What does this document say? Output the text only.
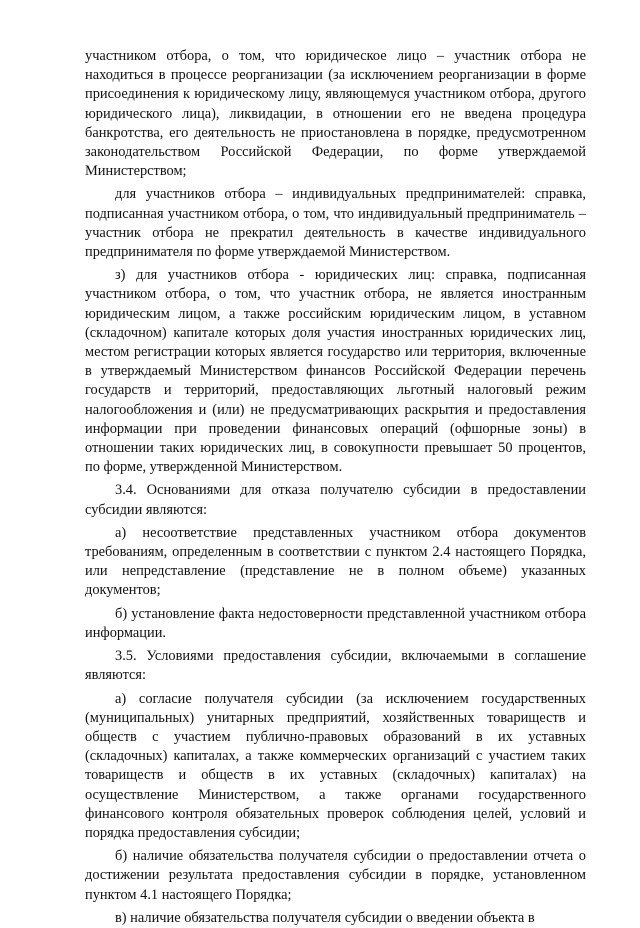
участником отбора, о том, что юридическое лицо – участник отбора не находиться в процессе реорганизации (за исключением реорганизации в форме присоединения к юридическому лицу, являющемуся участником отбора, другого юридического лица), ликвидации, в отношении его не введена процедура банкротства, его деятельность не приостановлена в порядке, предусмотренном законодательством Российской Федерации, по форме утверждаемой Министерством;

для участников отбора – индивидуальных предпринимателей: справка, подписанная участником отбора, о том, что индивидуальный предприниматель – участник отбора не прекратил деятельность в качестве индивидуального предпринимателя по форме утверждаемой Министерством.

з) для участников отбора - юридических лиц: справка, подписанная участником отбора, о том, что участник отбора, не является иностранным юридическим лицом, а также российским юридическим лицом, в уставном (складочном) капитале которых доля участия иностранных юридических лиц, местом регистрации которых является государство или территория, включенные в утверждаемый Министерством финансов Российской Федерации перечень государств и территорий, предоставляющих льготный налоговый режим налогообложения и (или) не предусматривающих раскрытия и предоставления информации при проведении финансовых операций (офшорные зоны) в отношении таких юридических лиц, в совокупности превышает 50 процентов, по форме, утвержденной Министерством.

3.4. Основаниями для отказа получателю субсидии в предоставлении субсидии являются:

а) несоответствие представленных участником отбора документов требованиям, определенным в соответствии с пунктом 2.4 настоящего Порядка, или непредставление (представление не в полном объеме) указанных документов;

б) установление факта недостоверности представленной участником отбора информации.

3.5. Условиями предоставления субсидии, включаемыми в соглашение являются:

а) согласие получателя субсидии (за исключением государственных (муниципальных) унитарных предприятий, хозяйственных товариществ и обществ с участием публично-правовых образований в их уставных (складочных) капиталах, а также коммерческих организаций с участием таких товариществ и обществ в их уставных (складочных) капиталах) на осуществление Министерством, а также органами государственного финансового контроля обязательных проверок соблюдения целей, условий и порядка предоставления субсидии;

б) наличие обязательства получателя субсидии о предоставлении отчета о достижении результата предоставления субсидии в порядке, установленном пунктом 4.1 настоящего Порядка;

в) наличие обязательства получателя субсидии о введении объекта в
